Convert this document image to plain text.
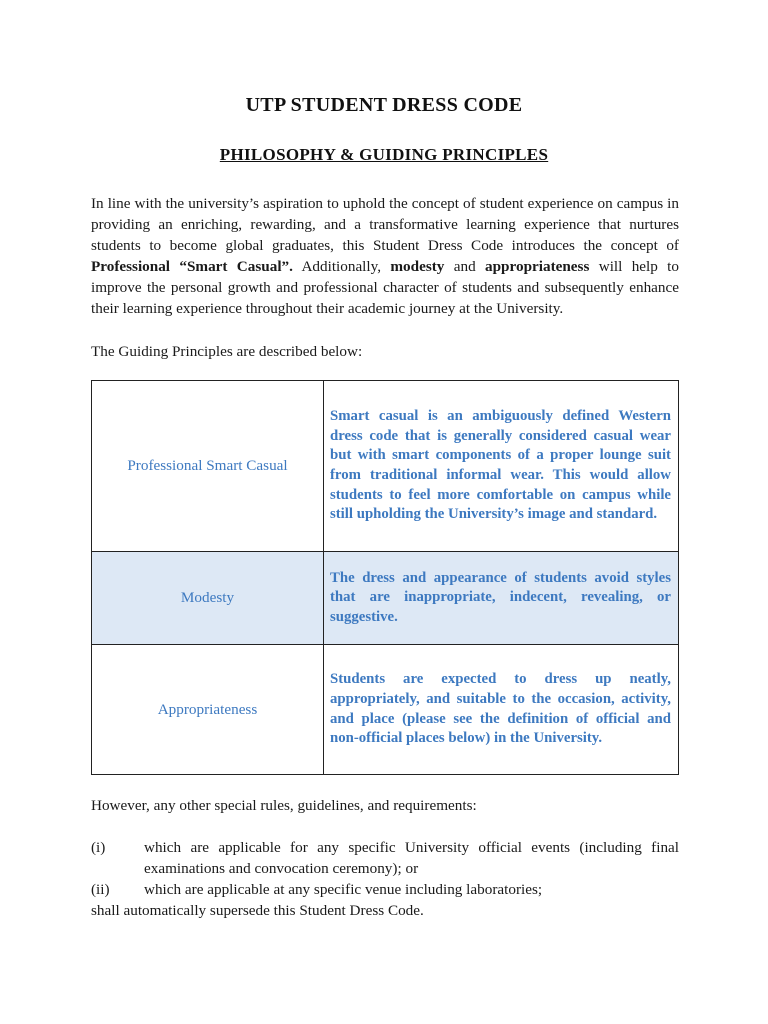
UTP STUDENT DRESS CODE
PHILOSOPHY & GUIDING PRINCIPLES

In line with the university’s aspiration to uphold the concept of student experience on campus in providing an enriching, rewarding, and a transformative learning experience that nurtures students to become global graduates, this Student Dress Code introduces the concept of Professional “Smart Casual”. Additionally, modesty and appropriateness will help to improve the personal growth and professional character of students and subsequently enhance their learning experience throughout their academic journey at the University.

The Guiding Principles are described below:

Professional Smart Casual	Smart casual is an ambiguously defined Western dress code that is generally considered casual wear but with smart components of a proper lounge suit from traditional informal wear. This would allow students to feel more comfortable on campus while still upholding the University’s image and standard.
Modesty	The dress and appearance of students avoid styles that are inappropriate, indecent, revealing, or suggestive.
Appropriateness	Students are expected to dress up neatly, appropriately, and suitable to the occasion, activity, and place (please see the definition of official and non-official places below) in the University.

However, any other special rules, guidelines, and requirements:

(i)	which are applicable for any specific University official events (including final examinations and convocation ceremony); or
(ii) which are applicable at any specific venue including laboratories;
shall automatically supersede this Student Dress Code.
